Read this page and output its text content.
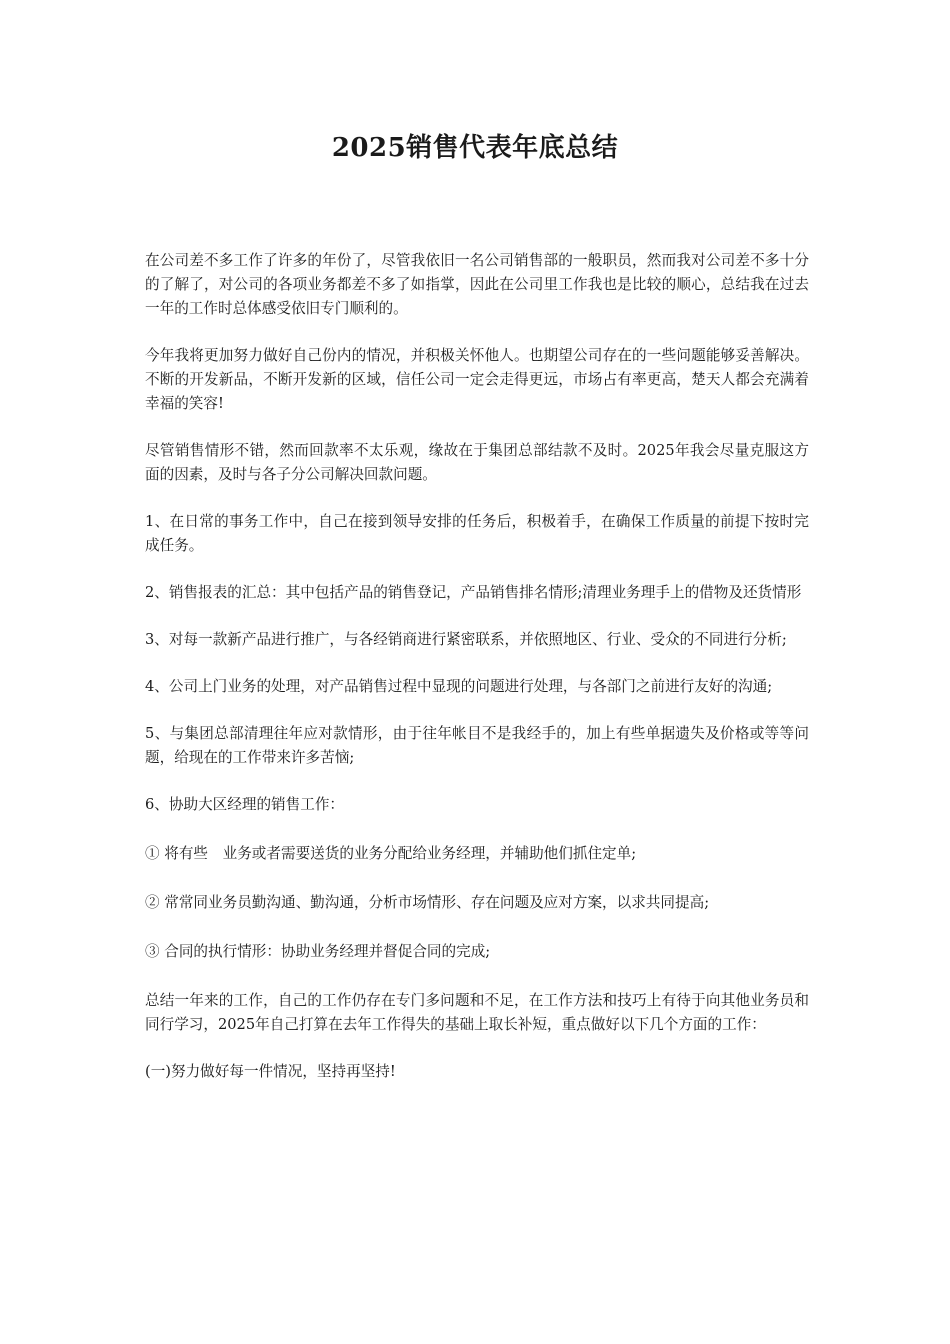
2025销售代表年底总结

在公司差不多工作了许多的年份了，尽管我依旧一名公司销售部的一般职员，然而我对公司差不多十分的了解了，对公司的各项业务都差不多了如指掌，因此在公司里工作我也是比较的顺心，总结我在过去一年的工作时总体感受依旧专门顺利的。

今年我将更加努力做好自己份内的情况，并积极关怀他人。也期望公司存在的一些问题能够妥善解决。不断的开发新品，不断开发新的区域，信任公司一定会走得更远，市场占有率更高，楚天人都会充满着幸福的笑容!

尽管销售情形不错，然而回款率不太乐观，缘故在于集团总部结款不及时。2025年我会尽量克服这方面的因素，及时与各子分公司解决回款问题。

1、在日常的事务工作中，自己在接到领导安排的任务后，积极着手，在确保工作质量的前提下按时完成任务。

2、销售报表的汇总：其中包括产品的销售登记，产品销售排名情形;清理业务理手上的借物及还货情形

3、对每一款新产品进行推广，与各经销商进行紧密联系，并依照地区、行业、受众的不同进行分析;

4、公司上门业务的处理，对产品销售过程中显现的问题进行处理，与各部门之前进行友好的沟通;

5、与集团总部清理往年应对款情形，由于往年帐目不是我经手的，加上有些单据遗失及价格或等等问题，给现在的工作带来许多苦恼;

6、协助大区经理的销售工作：

① 将有些　业务或者需要送货的业务分配给业务经理，并辅助他们抓住定单;

② 常常同业务员勤沟通、勤沟通，分析市场情形、存在问题及应对方案，以求共同提高;

③ 合同的执行情形：协助业务经理并督促合同的完成;

总结一年来的工作，自己的工作仍存在专门多问题和不足，在工作方法和技巧上有待于向其他业务员和同行学习，2025年自己打算在去年工作得失的基础上取长补短，重点做好以下几个方面的工作：

(一)努力做好每一件情况，坚持再坚持!
